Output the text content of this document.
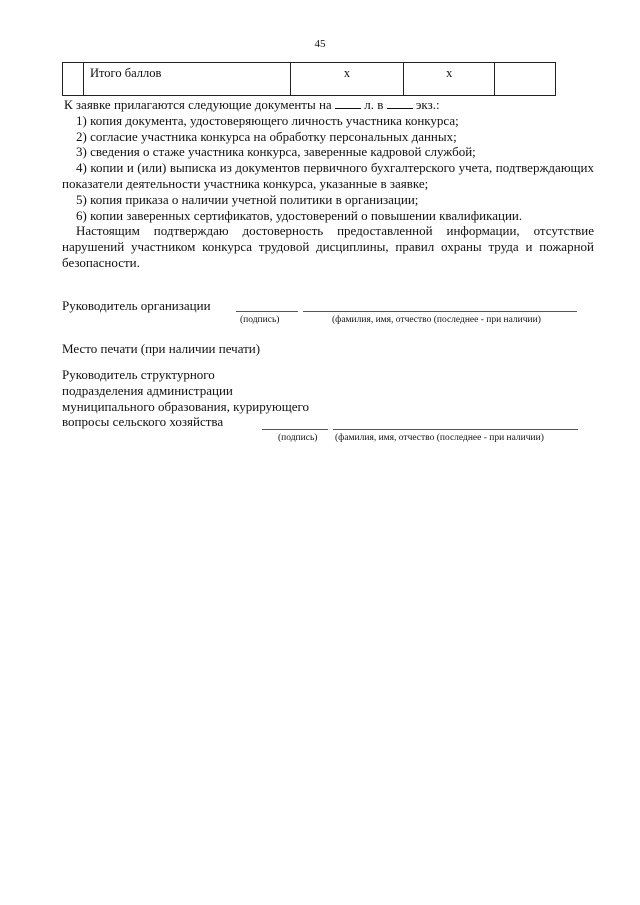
45
	Итого баллов	х	х	

К заявке прилагаются следующие документы на	л. в	экз.:

1) копия документа, удостоверяющего личность участника конкурса;

2) согласие участника конкурса на обработку персональных данных;

3) сведения о стаже участника конкурса, заверенные кадровой службой;

4) копии и (или) выписка из документов первичного бухгалтерского учета, подтверждающих показатели деятельности участника конкурса, указанные в заявке;

5) копия приказа о наличии учетной политики в организации;

6) копии заверенных сертификатов, удостоверений о повышении квалификации.

Настоящим подтверждаю достоверность предоставленной информации, отсутствие нарушений участником конкурса трудовой дисциплины, правил охраны труда и пожарной безопасности.

Руководитель организации
(подпись)	(фамилия, имя, отчество (последнее - при наличии)
Место печати (при наличии печати)
Руководитель структурного
подразделения администрации
муниципального образования, курирующего
вопросы сельского хозяйства
(подпись) (фамилия, имя, отчество (последнее - при наличии)
